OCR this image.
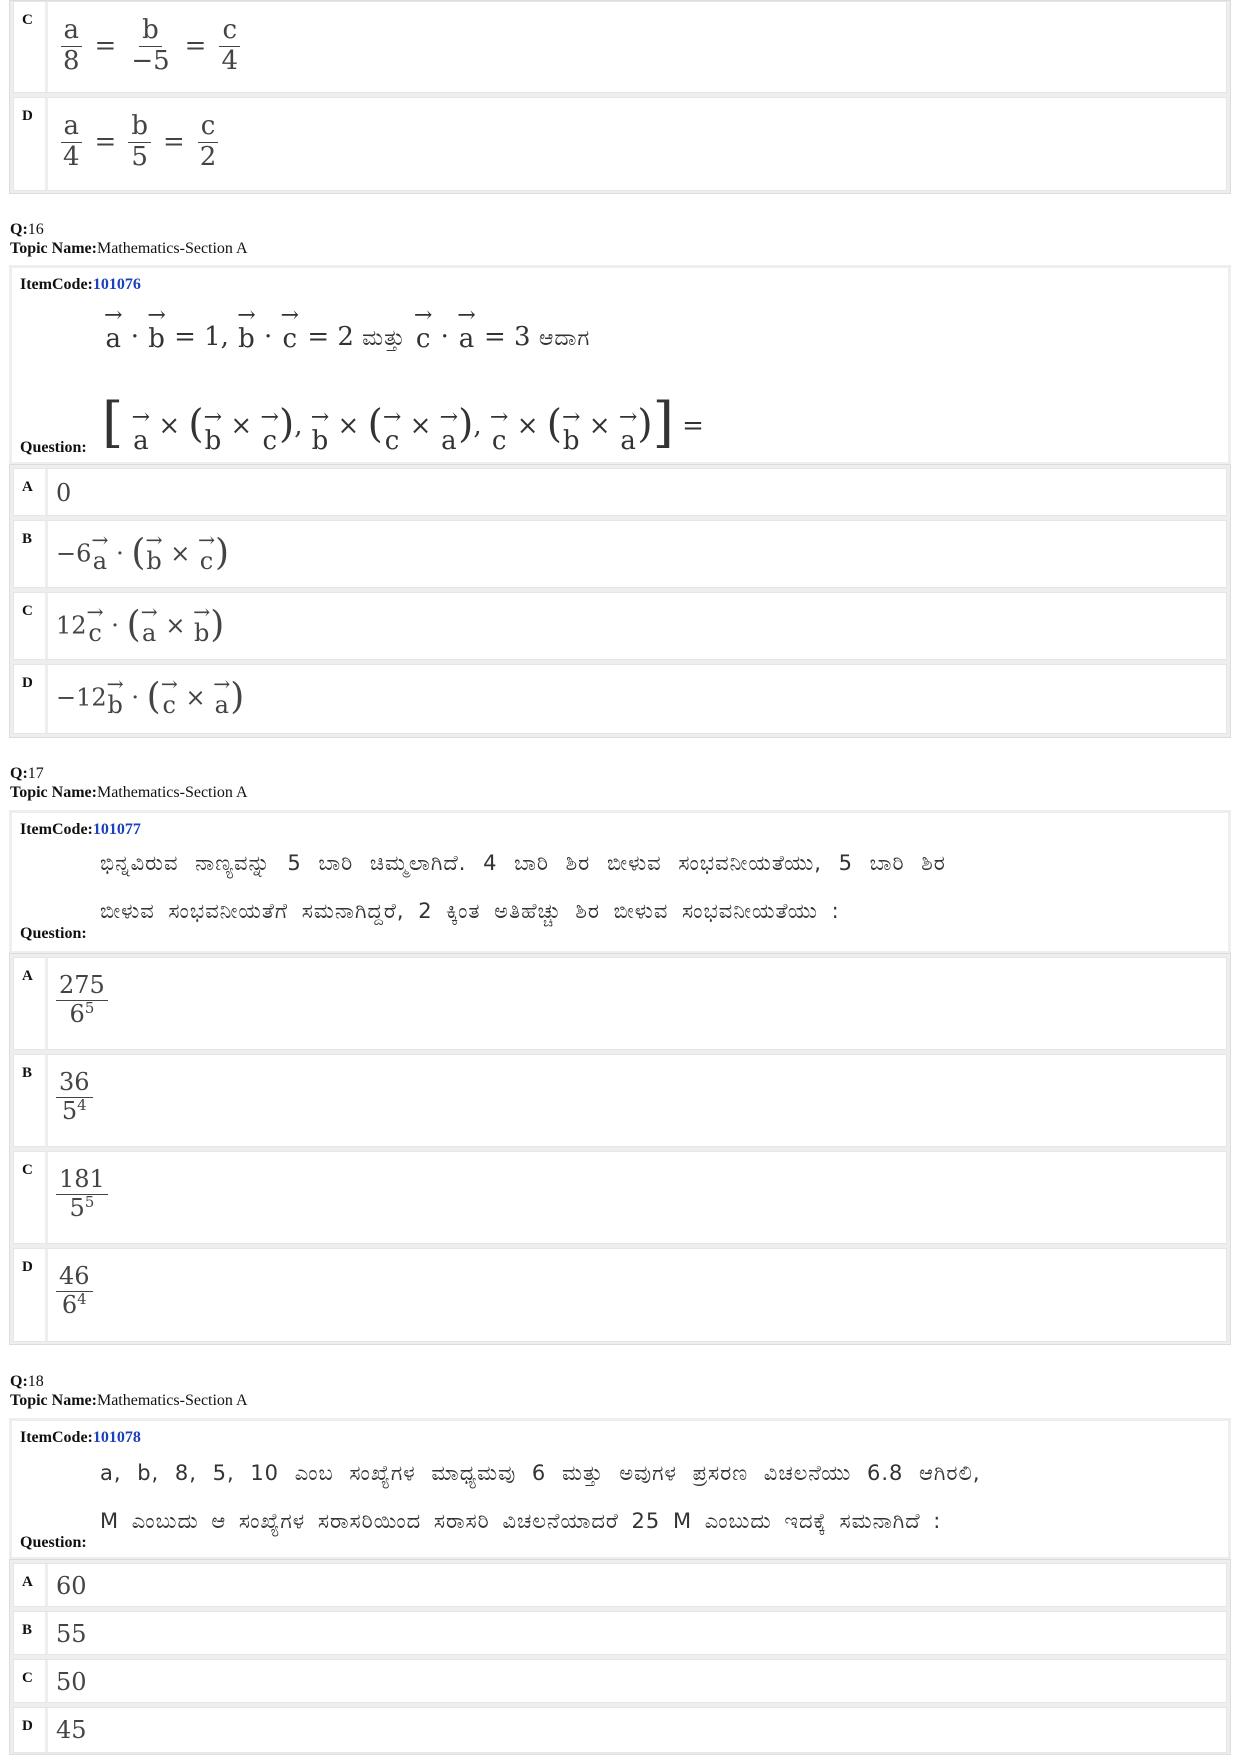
C $\frac{a}{8} = \frac{b}{-5} = \frac{c}{4}$
D $\frac{a}{4} = \frac{b}{5} = \frac{c}{2}$
Q:16
Topic Name:Mathematics-Section A
ItemCode:101076
→
a ·
→
b = 1,
→
b ·
→
c = 2 ಮತ್ತು
→
c ·
→
a = 3 ಆದಾಗ
[ →
a × ( →
b × →
c ), →
b × ( →
c × →
a ), →
c × ( →
b × →
a )] =
Question:
A 0
B
−6 →
a · ( →
b × →
c )
C
12 →
c · ( →
a × →
b )
D
−12 →
b · ( →
c × →
a )
Q:17
Topic Name:Mathematics-Section A
ItemCode:101077
ಭಿನ್ನವಿರುವ ನಾಣ್ಯವನ್ನು 5 ಬಾರಿ ಚಿಮ್ಮಲಾಗಿದೆ. 4 ಬಾರಿ ಶಿರ ಬೀಳುವ ಸಂಭವನೀಯತೆಯು, 5 ಬಾರಿ ಶಿರ
ಬೀಳುವ ಸಂಭವನೀಯತೆಗೆ ಸಮನಾಗಿದ್ದರೆ, 2 ಕ್ಕಿಂತ ಅತಿಹೆಚ್ಚು ಶಿರ ಬೀಳುವ ಸಂಭವನೀಯತೆಯು :
Question:
A $\frac{275}{6^5}$
B $\frac{36}{5^4}$
C $\frac{181}{5^5}$
D $\frac{46}{6^4}$
Q:18
Topic Name:Mathematics-Section A
ItemCode:101078
a, b, 8, 5, 10 ಎಂಬ ಸಂಖ್ಯೆಗಳ ಮಾಧ್ಯಮವು 6 ಮತ್ತು ಅವುಗಳ ಪ್ರಸರಣ ವಿಚಲನೆಯು 6.8 ಆಗಿರಲಿ,
M ಎಂಬುದು ಆ ಸಂಖ್ಯೆಗಳ ಸರಾಸರಿಯಿಂದ ಸರಾಸರಿ ವಿಚಲನೆಯಾದರೆ 25 M ಎಂಬುದು ಇದಕ್ಕೆ ಸಮನಾಗಿದೆ :
Question:
A 60
B 55
C 50
D 45
